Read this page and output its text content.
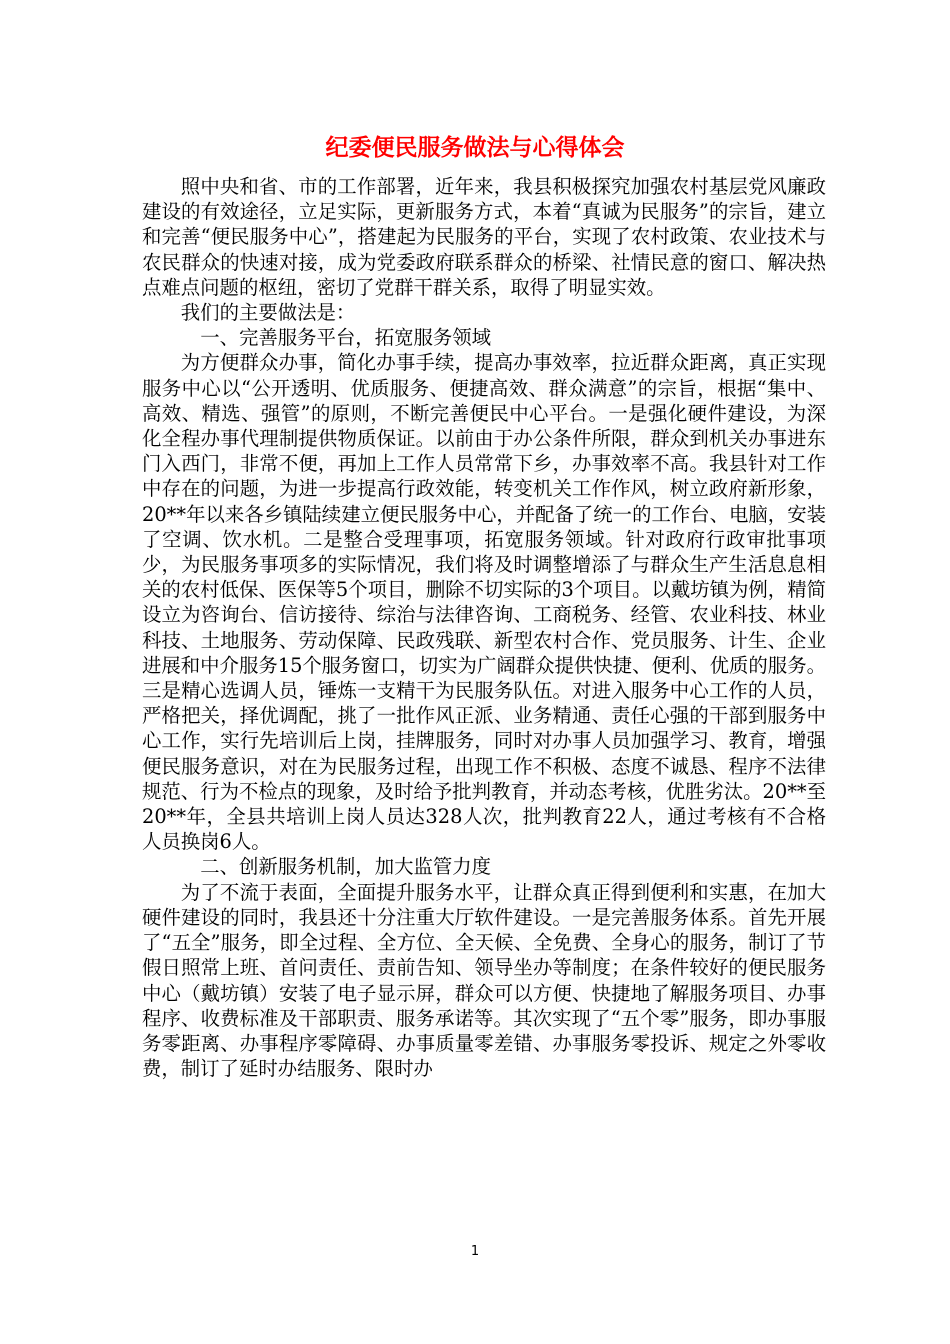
纪委便民服务做法与心得体会

照中央和省、市的工作部署，近年来，我县积极探究加强农村基层党风廉政建设的有效途径，立足实际，更新服务方式，本着“真诚为民服务”的宗旨，建立和完善“便民服务中心”，搭建起为民服务的平台，实现了农村政策、农业技术与农民群众的快速对接，成为党委政府联系群众的桥梁、社情民意的窗口、解决热点难点问题的枢纽，密切了党群干群关系，取得了明显实效。

我们的主要做法是：

一、完善服务平台，拓宽服务领域

为方便群众办事，简化办事手续，提高办事效率，拉近群众距离，真正实现服务中心以“公开透明、优质服务、便捷高效、群众满意”的宗旨，根据“集中、高效、精选、强管”的原则，不断完善便民中心平台。一是强化硬件建设，为深化全程办事代理制提供物质保证。以前由于办公条件所限，群众到机关办事进东门入西门，非常不便，再加上工作人员常常下乡，办事效率不高。我县针对工作中存在的问题，为进一步提高行政效能，转变机关工作作风，树立政府新形象，20**年以来各乡镇陆续建立便民服务中心，并配备了统一的工作台、电脑，安装了空调、饮水机。二是整合受理事项，拓宽服务领域。针对政府行政审批事项少，为民服务事项多的实际情况，我们将及时调整增添了与群众生产生活息息相关的农村低保、医保等5个项目，删除不切实际的3个项目。以戴坊镇为例，精简设立为咨询台、信访接待、综治与法律咨询、工商税务、经管、农业科技、林业科技、土地服务、劳动保障、民政残联、新型农村合作、党员服务、计生、企业进展和中介服务15个服务窗口，切实为广阔群众提供快捷、便利、优质的服务。三是精心选调人员，锤炼一支精干为民服务队伍。对进入服务中心工作的人员，严格把关，择优调配，挑了一批作风正派、业务精通、责任心强的干部到服务中心工作，实行先培训后上岗，挂牌服务，同时对办事人员加强学习、教育，增强便民服务意识，对在为民服务过程，出现工作不积极、态度不诚恳、程序不法律规范、行为不检点的现象，及时给予批判教育，并动态考核，优胜劣汰。20**至20**年，全县共培训上岗人员达328人次，批判教育22人，通过考核有不合格人员换岗6人。

二、创新服务机制，加大监管力度

为了不流于表面，全面提升服务水平，让群众真正得到便利和实惠，在加大硬件建设的同时，我县还十分注重大厅软件建设。一是完善服务体系。首先开展了“五全”服务，即全过程、全方位、全天候、全免费、全身心的服务，制订了节假日照常上班、首问责任、责前告知、领导坐办等制度；在条件较好的便民服务中心（戴坊镇）安装了电子显示屏，群众可以方便、快捷地了解服务项目、办事程序、收费标准及干部职责、服务承诺等。其次实现了“五个零”服务，即办事服务零距离、办事程序零障碍、办事质量零差错、办事服务零投诉、规定之外零收费，制订了延时办结服务、限时办

1
